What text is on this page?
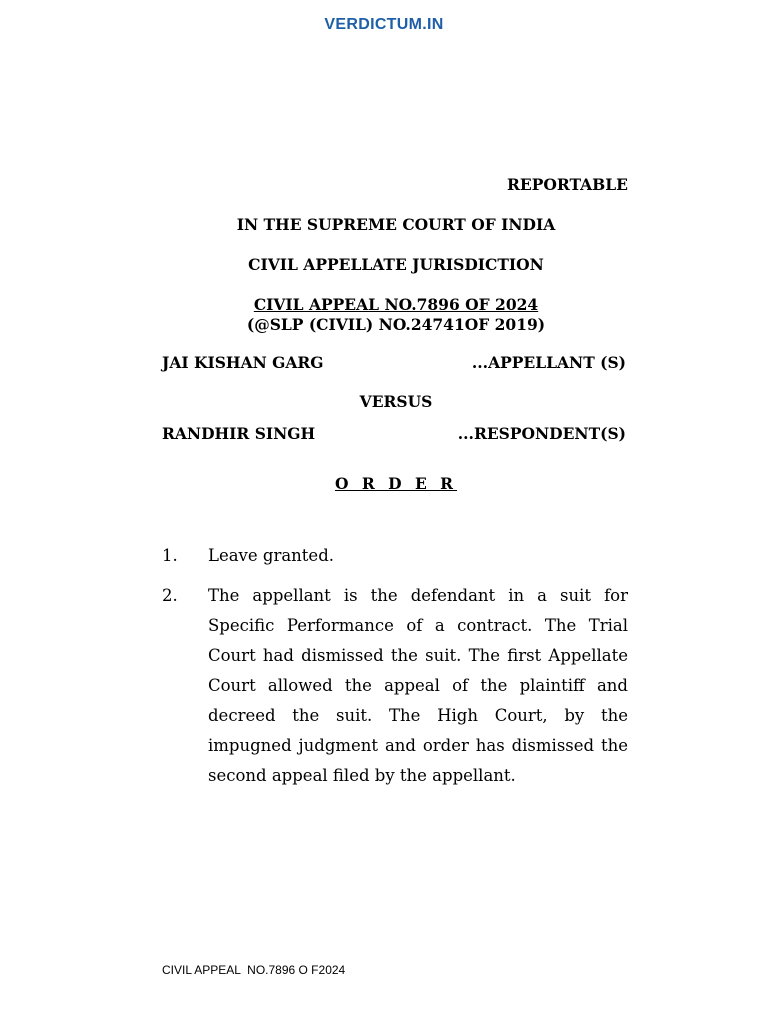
VERDICTUM.IN
REPORTABLE
IN THE SUPREME COURT OF INDIA
CIVIL APPELLATE JURISDICTION
CIVIL APPEAL NO.7896 OF 2024
(@SLP (CIVIL) NO.24741OF 2019)
JAI KISHAN GARG	...APPELLANT (S)
VERSUS
RANDHIR SINGH	...RESPONDENT(S)
O R D E R
1. Leave granted.
2. The appellant is the defendant in a suit for Specific Performance of a contract. The Trial Court had dismissed the suit. The first Appellate Court allowed the appeal of the plaintiff and decreed the suit. The High Court, by the impugned judgment and order has dismissed the second appeal filed by the appellant.
CIVIL APPEAL  NO.7896 O F2024
